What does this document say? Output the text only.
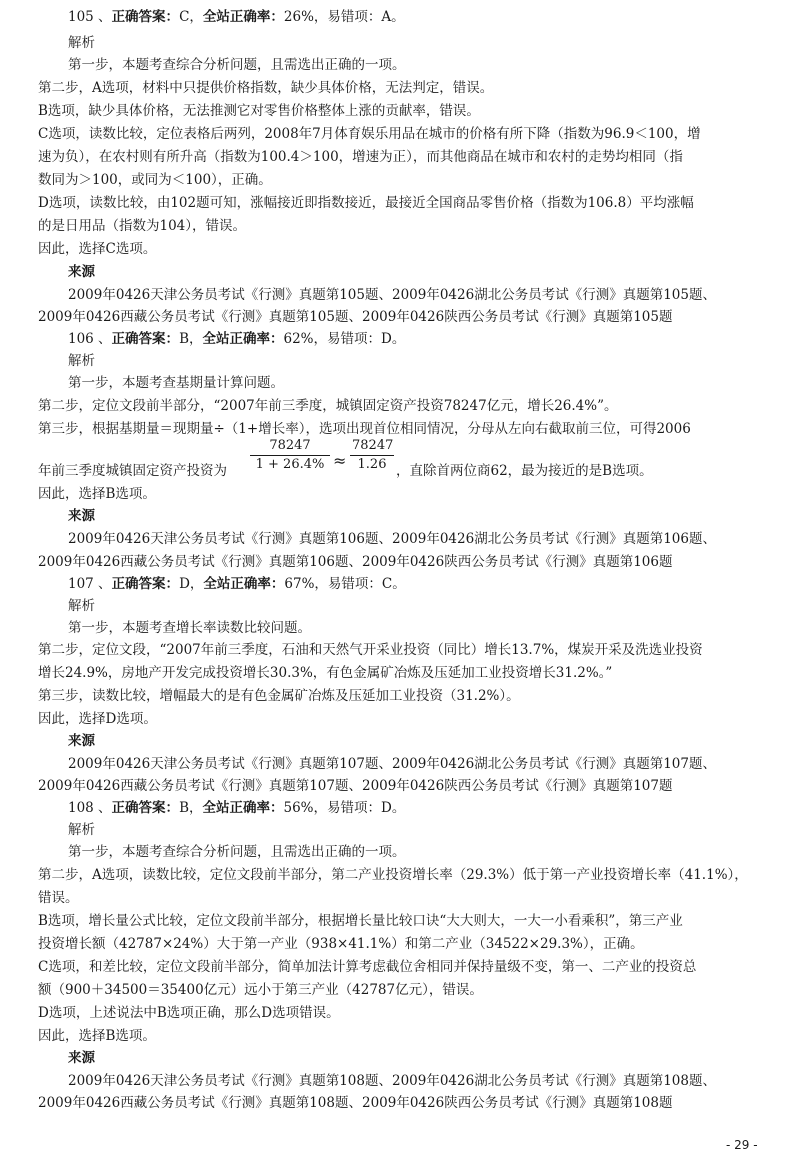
105 、正确答案：C，全站正确率：26%，易错项：A。
解析
第一步，本题考查综合分析问题，且需选出正确的一项。
第二步，A选项，材料中只提供价格指数，缺少具体价格，无法判定，错误。
B选项，缺少具体价格，无法推测它对零售价格整体上涨的贡献率，错误。
C选项，读数比较，定位表格后两列，2008年7月体育娱乐用品在城市的价格有所下降（指数为96.9＜100，增
速为负），在农村则有所升高（指数为100.4＞100，增速为正），而其他商品在城市和农村的走势均相同（指
数同为＞100，或同为＜100），正确。
D选项，读数比较，由102题可知，涨幅接近即指数接近，最接近全国商品零售价格（指数为106.8）平均涨幅
的是日用品（指数为104），错误。
因此，选择C选项。
来源
2009年0426天津公务员考试《行测》真题第105题、2009年0426湖北公务员考试《行测》真题第105题、
2009年0426西藏公务员考试《行测》真题第105题、2009年0426陕西公务员考试《行测》真题第105题
106 、正确答案：B，全站正确率：62%，易错项：D。
解析
第一步，本题考查基期量计算问题。
第二步，定位文段前半部分，“2007年前三季度，城镇固定资产投资78247亿元，增长26.4%”。
第三步，根据基期量＝现期量÷（1+增长率），选项出现首位相同情况，分母从左向右截取前三位，可得2006
年前三季度城镇固定资产投资为
78247
1 + 26.4% ≈
78247
1.26 ，直除首两位商62，最为接近的是B选项。
因此，选择B选项。
来源
2009年0426天津公务员考试《行测》真题第106题、2009年0426湖北公务员考试《行测》真题第106题、
2009年0426西藏公务员考试《行测》真题第106题、2009年0426陕西公务员考试《行测》真题第106题
107 、正确答案：D，全站正确率：67%，易错项：C。
解析
第一步，本题考查增长率读数比较问题。
第二步，定位文段，“2007年前三季度，石油和天然气开采业投资（同比）增长13.7%，煤炭开采及洗选业投资
增长24.9%，房地产开发完成投资增长30.3%，有色金属矿冶炼及压延加工业投资增长31.2%。”
第三步，读数比较，增幅最大的是有色金属矿冶炼及压延加工业投资（31.2%）。
因此，选择D选项。
来源
2009年0426天津公务员考试《行测》真题第107题、2009年0426湖北公务员考试《行测》真题第107题、
2009年0426西藏公务员考试《行测》真题第107题、2009年0426陕西公务员考试《行测》真题第107题
108 、正确答案：B，全站正确率：56%，易错项：D。
解析
第一步，本题考查综合分析问题，且需选出正确的一项。
第二步，A选项，读数比较，定位文段前半部分，第二产业投资增长率（29.3%）低于第一产业投资增长率（41.1%），
错误。
B选项，增长量公式比较，定位文段前半部分，根据增长量比较口诀“大大则大，一大一小看乘积”，第三产业
投资增长额（42787×24%）大于第一产业（938×41.1%）和第二产业（34522×29.3%），正确。
C选项，和差比较，定位文段前半部分，简单加法计算考虑截位舍相同并保持量级不变，第一、二产业的投资总
额（900＋34500＝35400亿元）远小于第三产业（42787亿元），错误。
D选项，上述说法中B选项正确，那么D选项错误。
因此，选择B选项。
来源
2009年0426天津公务员考试《行测》真题第108题、2009年0426湖北公务员考试《行测》真题第108题、
2009年0426西藏公务员考试《行测》真题第108题、2009年0426陕西公务员考试《行测》真题第108题
- 29 -
